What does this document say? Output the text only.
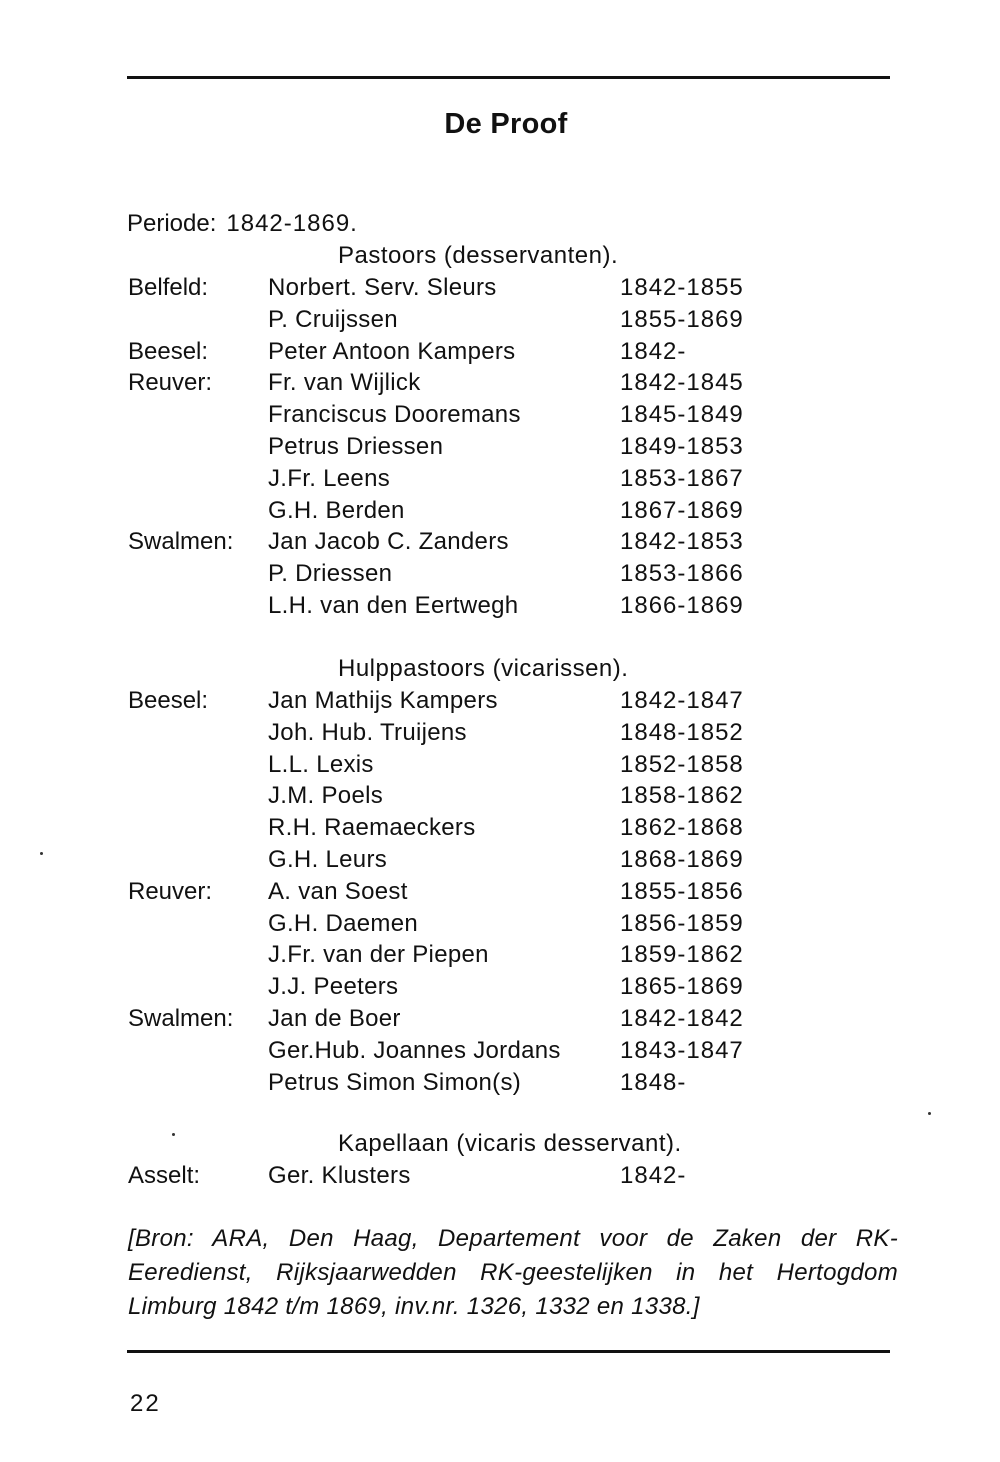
De Proof
Periode: 1842-1869.
Pastoors (desservanten).
Hulppastoors (vicarissen).
Kapellaan (vicaris desservant).
Belfeld: Norbert. Serv. Sleurs	1842-1855
P. Cruijssen	1855-1869
Beesel: Peter Antoon Kampers	1842-
Reuver: Fr. van Wijlick	1842-1845
Franciscus Dooremans	1845-1849
Petrus Driessen	1849-1853
J.Fr. Leens	1853-1867
G.H. Berden	1867-1869
Swalmen: Jan Jacob C. Zanders	1842-1853
P. Driessen	1853-1866
L.H. van den Eertwegh	1866-1869
Beesel: Jan Mathijs Kampers	1842-1847
Joh. Hub. Truijens	1848-1852
L.L. Lexis	1852-1858
J.M. Poels	1858-1862
R.H. Raemaeckers	1862-1868
G.H. Leurs	1868-1869
Reuver: A. van Soest	1855-1856
G.H. Daemen	1856-1859
J.Fr. van der Piepen	1859-1862
J.J. Peeters	1865-1869
Swalmen: Jan de Boer	1842-1842
Ger.Hub. Joannes Jordans 1843-1847
Petrus Simon Simon(s)	1848-
Asselt:	Ger. Klusters	1842-
[Bron: ARA, Den Haag, Departement voor de Zaken der RK-Eeredienst, Rijksjaarwedden RK-geestelijken in het Hertogdom Limburg 1842 t/m 1869, inv.nr. 1326, 1332 en 1338.]
22
